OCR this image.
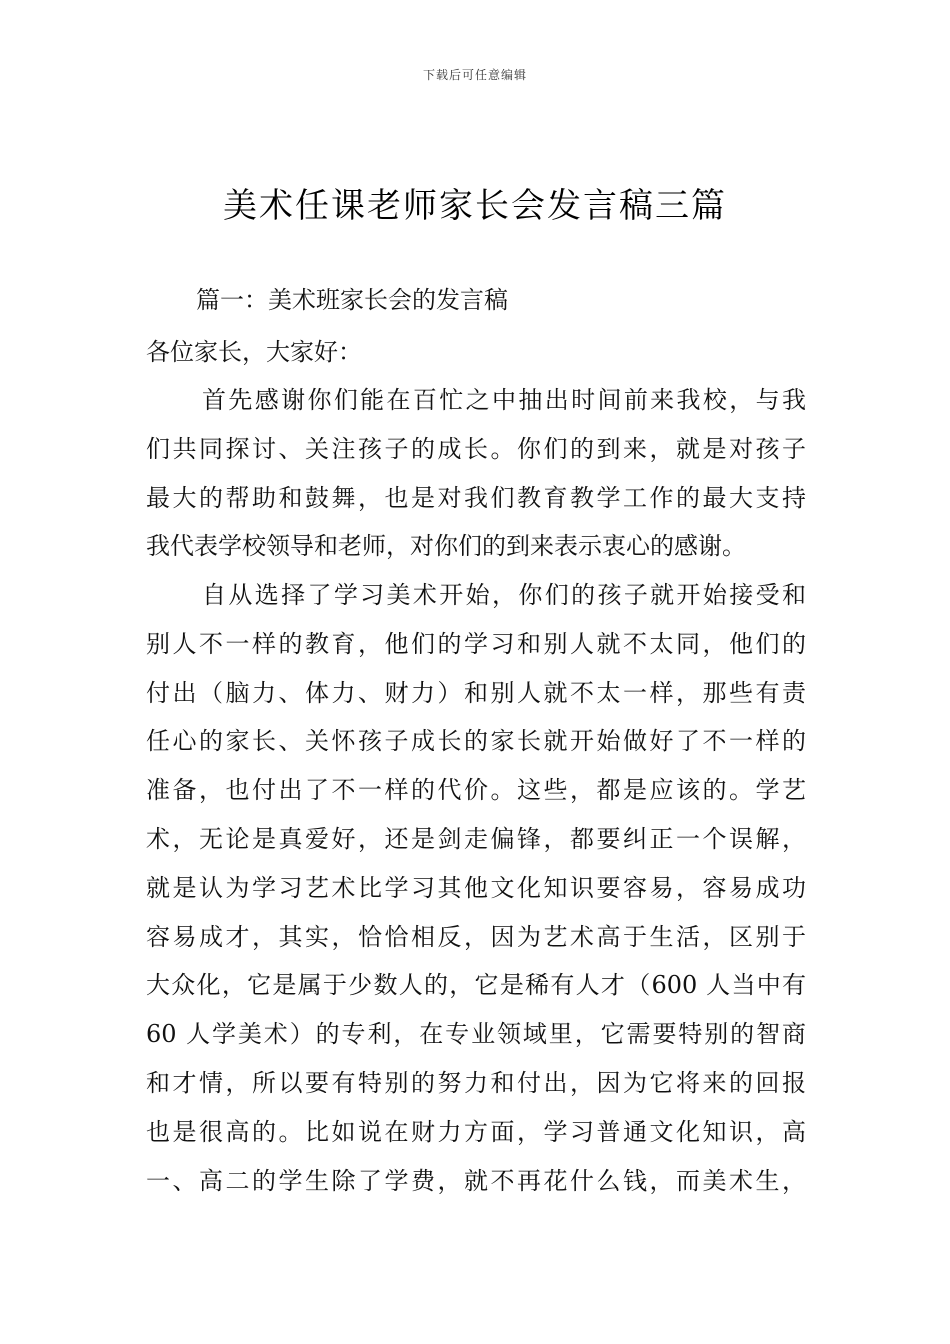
下载后可任意编辑
美术任课老师家长会发言稿三篇

篇一：美术班家长会的发言稿

各位家长，大家好：

首先感谢你们能在百忙之中抽出时间前来我校，与我
们共同探讨、关注孩子的成长。你们的到来，就是对孩子
最大的帮助和鼓舞，也是对我们教育教学工作的最大支持
我代表学校领导和老师，对你们的到来表示衷心的感谢。
自从选择了学习美术开始，你们的孩子就开始接受和
别人不一样的教育，他们的学习和别人就不太同，他们的
付出（脑力、体力、财力）和别人就不太一样，那些有责
任心的家长、关怀孩子成长的家长就开始做好了不一样的
准备，也付出了不一样的代价。这些，都是应该的。学艺
术，无论是真爱好，还是剑走偏锋，都要纠正一个误解，
就是认为学习艺术比学习其他文化知识要容易，容易成功
容易成才，其实，恰恰相反，因为艺术高于生活，区别于
大众化，它是属于少数人的，它是稀有人才（600 人当中有
60 人学美术）的专利，在专业领域里，它需要特别的智商
和才情，所以要有特别的努力和付出，因为它将来的回报
也是很高的。比如说在财力方面，学习普通文化知识，高
一、高二的学生除了学费，就不再花什么钱，而美术生，
